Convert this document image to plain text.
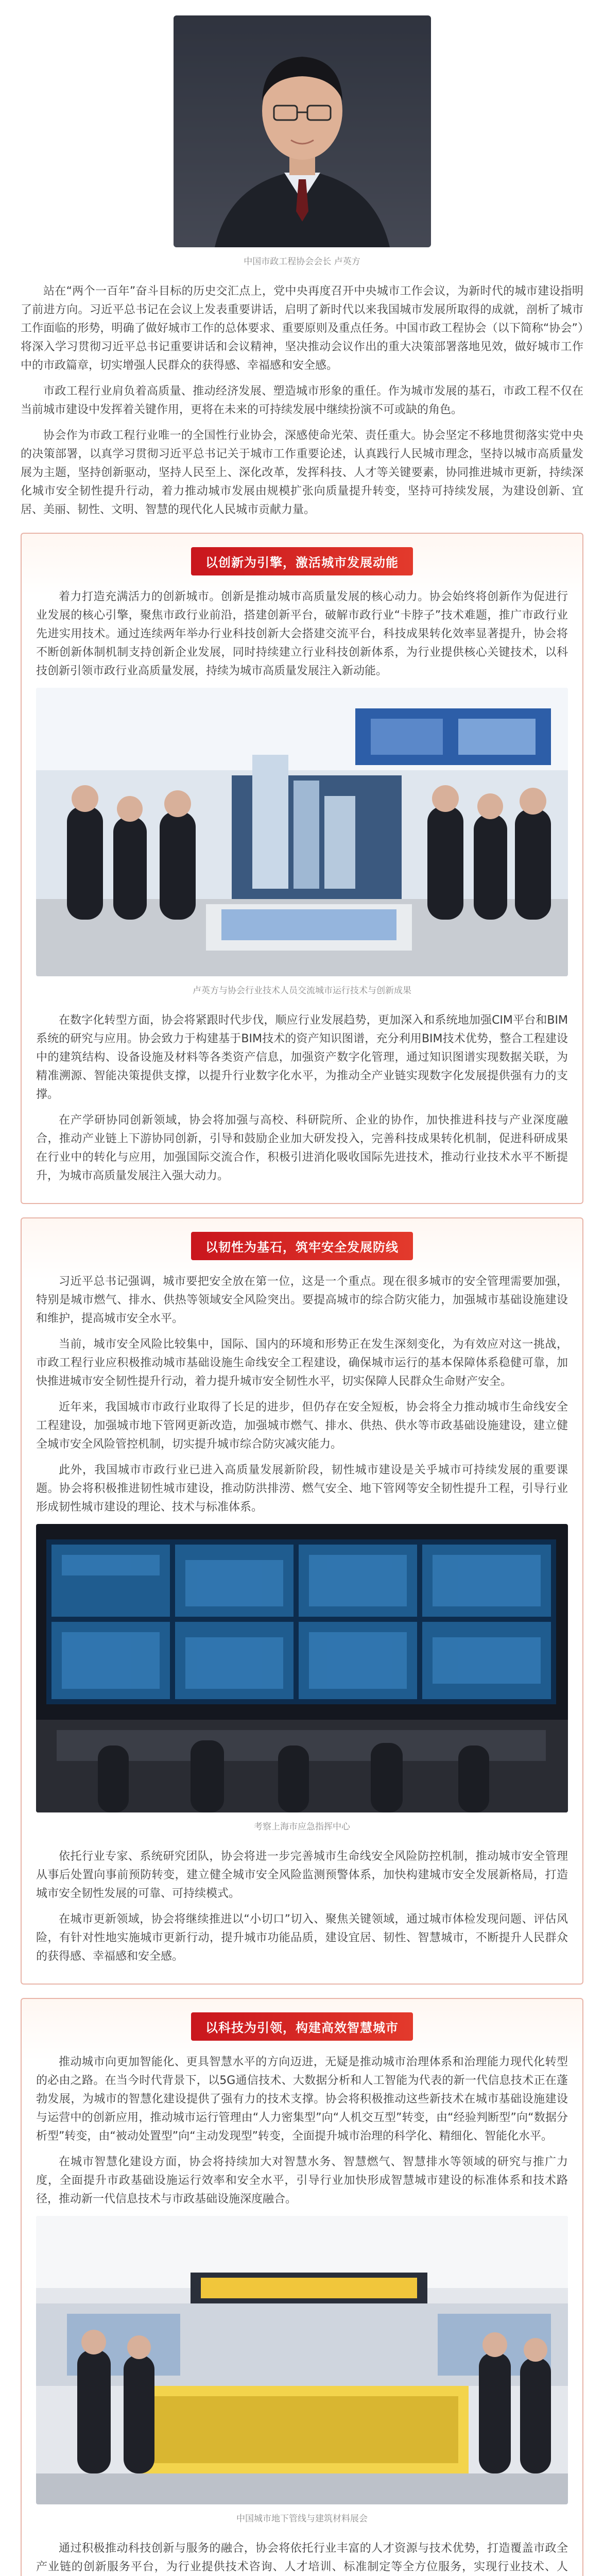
中国市政工程协会会长 卢英方

站在“两个一百年”奋斗目标的历史交汇点上，党中央再度召开中央城市工作会议，为新时代的城市建设指明了前进方向。习近平总书记在会议上发表重要讲话，启明了新时代以来我国城市发展所取得的成就，剖析了城市工作面临的形势，明确了做好城市工作的总体要求、重要原则及重点任务。中国市政工程协会（以下简称“协会”）将深入学习贯彻习近平总书记重要讲话和会议精神，坚决推动会议作出的重大决策部署落地见效，做好城市工作中的市政篇章，切实增强人民群众的获得感、幸福感和安全感。

市政工程行业肩负着高质量、推动经济发展、塑造城市形象的重任。作为城市发展的基石，市政工程不仅在当前城市建设中发挥着关键作用，更将在未来的可持续发展中继续扮演不可或缺的角色。

协会作为市政工程行业唯一的全国性行业协会，深感使命光荣、责任重大。协会坚定不移地贯彻落实党中央的决策部署，以真学习贯彻习近平总书记关于城市工作重要论述，认真践行人民城市理念，坚持以城市高质量发展为主题，坚持创新驱动，坚持人民至上、深化改革，发挥科技、人才等关键要素，协同推进城市更新，持续深化城市安全韧性提升行动，着力推动城市发展由规模扩张向质量提升转变，坚持可持续发展，为建设创新、宜居、美丽、韧性、文明、智慧的现代化人民城市贡献力量。

以创新为引擎，激活城市发展动能

着力打造充满活力的创新城市。创新是推动城市高质量发展的核心动力。协会始终将创新作为促进行业发展的核心引擎，聚焦市政行业前沿，搭建创新平台，破解市政行业“卡脖子”技术难题，推广市政行业先进实用技术。通过连续两年举办行业科技创新大会搭建交流平台，科技成果转化效率显著提升，协会将不断创新体制机制支持创新企业发展，同时持续建立行业科技创新体系，为行业提供核心关键技术，以科技创新引领市政行业高质量发展，持续为城市高质量发展注入新动能。

卢英方与协会行业技术人员交流城市运行技术与创新成果

在数字化转型方面，协会将紧跟时代步伐，顺应行业发展趋势，更加深入和系统地加强CIM平台和BIM系统的研究与应用。协会致力于构建基于BIM技术的资产知识图谱，充分利用BIM技术优势，整合工程建设中的建筑结构、设备设施及材料等各类资产信息，加强资产数字化管理，通过知识图谱实现数据关联，为精准溯源、智能决策提供支撑，以提升行业数字化水平，为推动全产业链实现数字化发展提供强有力的支撑。

在产学研协同创新领域，协会将加强与高校、科研院所、企业的协作，加快推进科技与产业深度融合，推动产业链上下游协同创新，引导和鼓励企业加大研发投入，完善科技成果转化机制，促进科研成果在行业中的转化与应用，加强国际交流合作，积极引进消化吸收国际先进技术，推动行业技术水平不断提升，为城市高质量发展注入强大动力。

以韧性为基石，筑牢安全发展防线

习近平总书记强调，城市要把安全放在第一位，这是一个重点。现在很多城市的安全管理需要加强，特别是城市燃气、排水、供热等领域安全风险突出。要提高城市的综合防灾能力，加强城市基础设施建设和维护，提高城市安全水平。

当前，城市安全风险比较集中，国际、国内的环境和形势正在发生深刻变化，为有效应对这一挑战，市政工程行业应积极推动城市基础设施生命线安全工程建设，确保城市运行的基本保障体系稳健可靠，加快推进城市安全韧性提升行动，着力提升城市安全韧性水平，切实保障人民群众生命财产安全。

近年来，我国城市市政行业取得了长足的进步，但仍存在安全短板，协会将全力推动城市生命线安全工程建设，加强城市地下管网更新改造，加强城市燃气、排水、供热、供水等市政基础设施建设，建立健全城市安全风险管控机制，切实提升城市综合防灾减灾能力。

此外，我国城市市政行业已进入高质量发展新阶段，韧性城市建设是关乎城市可持续发展的重要课题。协会将积极推进韧性城市建设，推动防洪排涝、燃气安全、地下管网等安全韧性提升工程，引导行业形成韧性城市建设的理论、技术与标准体系。

考察上海市应急指挥中心

依托行业专家、系统研究团队，协会将进一步完善城市生命线安全风险防控机制，推动城市安全管理从事后处置向事前预防转变，建立健全城市安全风险监测预警体系，加快构建城市安全发展新格局，打造城市安全韧性发展的可靠、可持续模式。

在城市更新领域，协会将继续推进以“小切口”切入、聚焦关键领域，通过城市体检发现问题、评估风险，有针对性地实施城市更新行动，提升城市功能品质，建设宜居、韧性、智慧城市，不断提升人民群众的获得感、幸福感和安全感。

以科技为引领，构建高效智慧城市

推动城市向更加智能化、更具智慧水平的方向迈进，无疑是推动城市治理体系和治理能力现代化转型的必由之路。在当今时代背景下，以5G通信技术、大数据分析和人工智能为代表的新一代信息技术正在蓬勃发展，为城市的智慧化建设提供了强有力的技术支撑。协会将积极推动这些新技术在城市基础设施建设与运营中的创新应用，推动城市运行管理由“人力密集型”向“人机交互型”转变，由“经验判断型”向“数据分析型”转变，由“被动处置型”向“主动发现型”转变，全面提升城市治理的科学化、精细化、智能化水平。

在城市智慧化建设方面，协会将持续加大对智慧水务、智慧燃气、智慧排水等领域的研究与推广力度，全面提升市政基础设施运行效率和安全水平，引导行业加快形成智慧城市建设的标准体系和技术路径，推动新一代信息技术与市政基础设施深度融合。

中国城市地下管线与建筑材料展会

通过积极推动科技创新与服务的融合，协会将依托行业丰富的人才资源与技术优势，打造覆盖市政全产业链的创新服务平台，为行业提供技术咨询、人才培训、标准制定等全方位服务，实现行业技术、人
